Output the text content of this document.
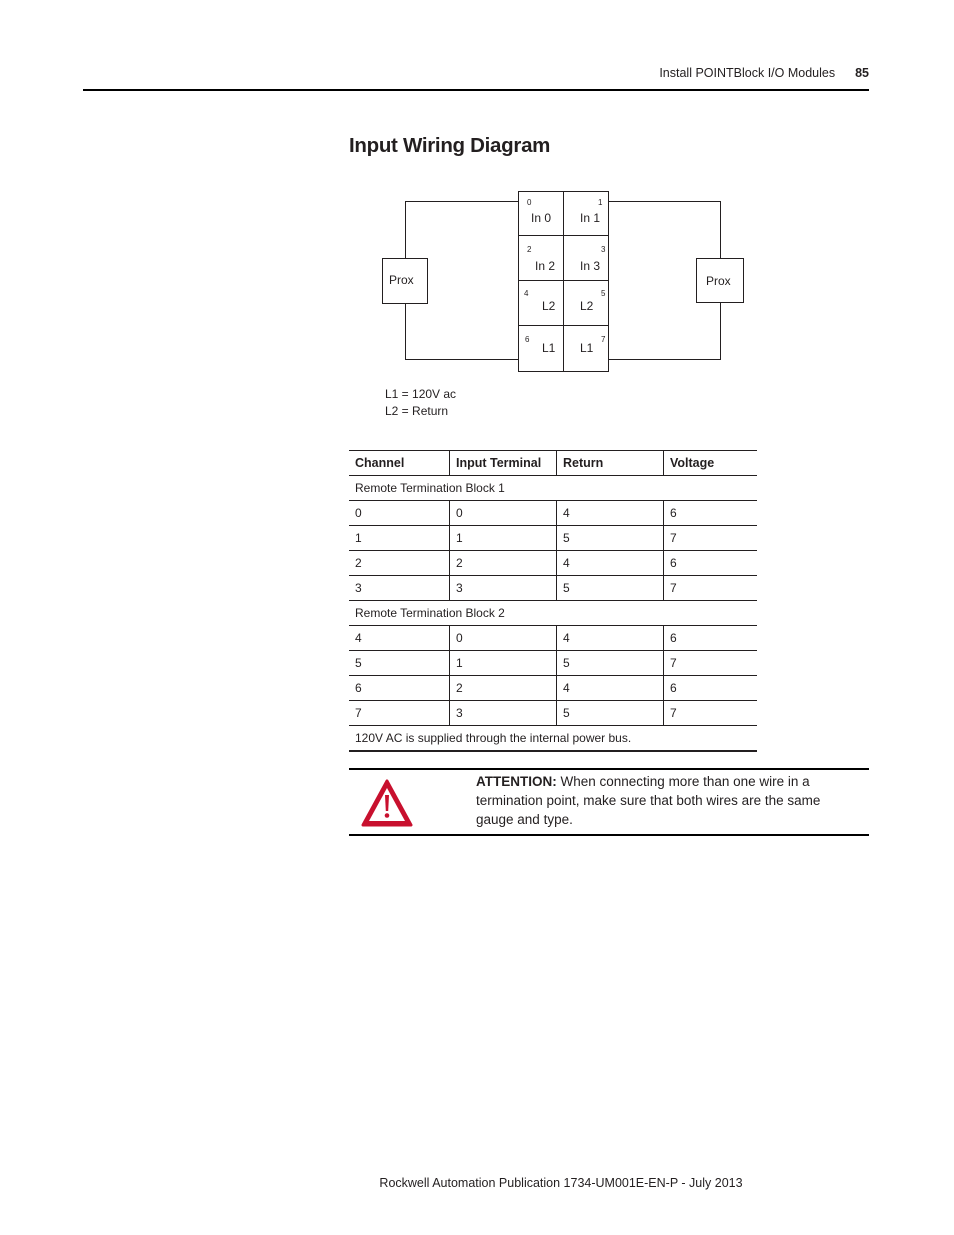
Install POINTBlock I/O Modules 85
Input Wiring Diagram
Prox	Prox
0
In 0
1
In 1
2
In 2
3
In 3
4
L2
5
L2
6
L1
7
L1
L1 = 120V ac
L2 = Return
Channel	Input Terminal	Return	Voltage
Remote Termination Block 1			
0	0	4	6
1	1	5	7
2	2	4	6
3	3	5	7
Remote Termination Block 2			
4	0	4	6
5	1	5	7
6	2	4	6
7	3	5	7
120V AC is supplied through the internal power bus.			
ATTENTION: When connecting more than one wire in a termination point, make sure that both wires are the same gauge and type.
Rockwell Automation Publication 1734-UM001E-EN-P - July 2013
